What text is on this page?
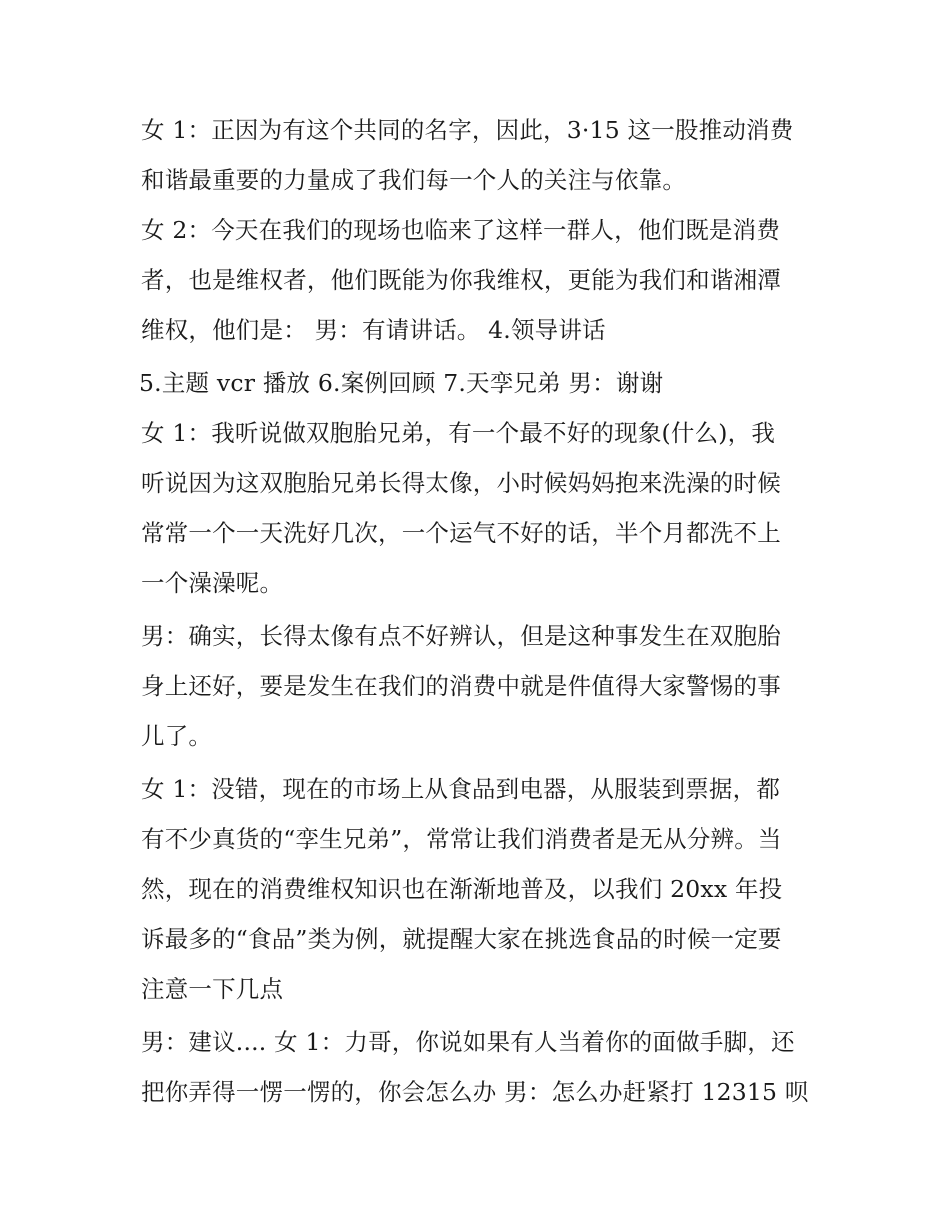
女 1：正因为有这个共同的名字，因此，3·15 这一股推动消费
和谐最重要的力量成了我们每一个人的关注与依靠。
女 2：今天在我们的现场也临来了这样一群人，他们既是消费
者，也是维权者，他们既能为你我维权，更能为我们和谐湘潭
维权，他们是： 男：有请讲话。 4.领导讲话
5.主题 vcr 播放 6.案例回顾 7.天孪兄弟 男：谢谢
女 1：我听说做双胞胎兄弟，有一个最不好的现象(什么)，我
听说因为这双胞胎兄弟长得太像，小时候妈妈抱来洗澡的时候
常常一个一天洗好几次，一个运气不好的话，半个月都洗不上
一个澡澡呢。
男：确实，长得太像有点不好辨认，但是这种事发生在双胞胎
身上还好，要是发生在我们的消费中就是件值得大家警惕的事
儿了。
女 1：没错，现在的市场上从食品到电器，从服装到票据，都
有不少真货的“孪生兄弟”，常常让我们消费者是无从分辨。当
然，现在的消费维权知识也在渐渐地普及，以我们 20xx 年投
诉最多的“食品”类为例，就提醒大家在挑选食品的时候一定要
注意一下几点
男：建议.... 女 1：力哥，你说如果有人当着你的面做手脚，还
把你弄得一愣一愣的，你会怎么办 男：怎么办赶紧打 12315 呗
